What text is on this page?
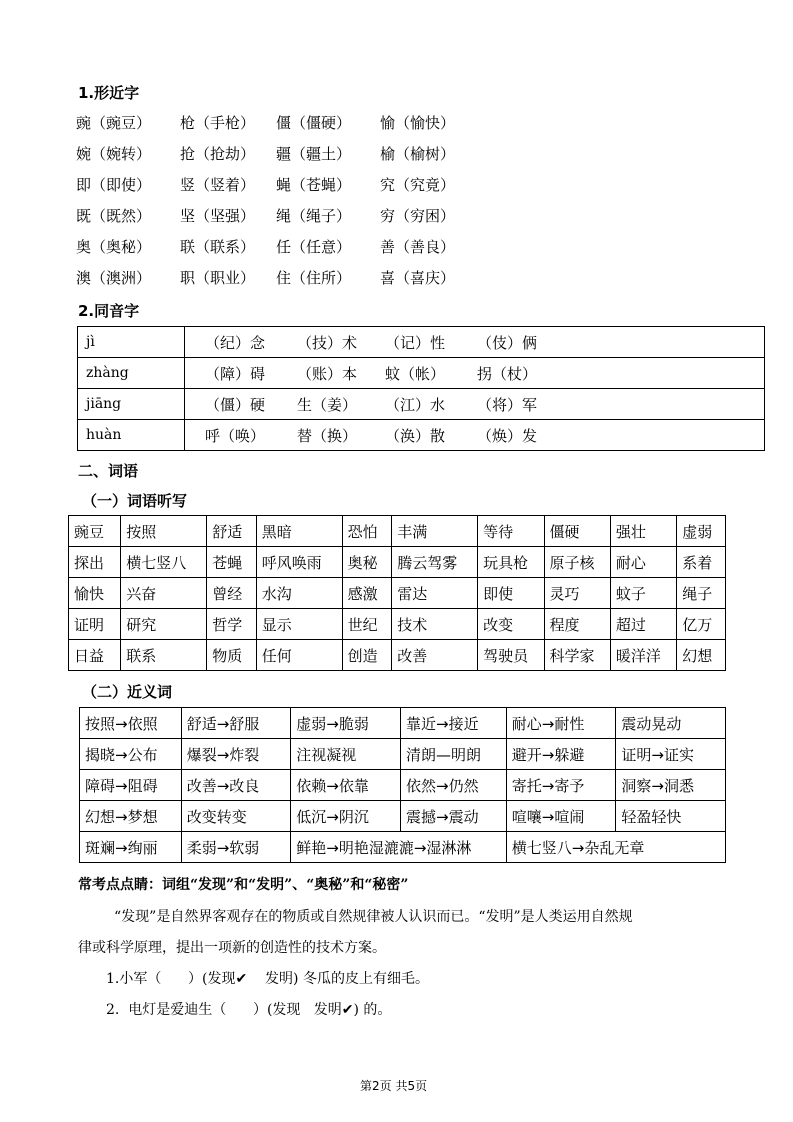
1.形近字
豌（豌豆） 枪（手枪） 僵（僵硬） 愉（愉快）
婉（婉转） 抢（抢劫） 疆（疆土） 榆（榆树）
即（即使） 竖（竖着） 蝇（苍蝇） 究（究竟）
既（既然） 坚（坚强） 绳（绳子） 穷（穷困）
奥（奥秘） 联（联系） 任（任意） 善（善良）
澳（澳洲） 职（职业） 住（住所） 喜（喜庆）
2.同音字
jì	（纪）念 （技）术 （记）性 （伎）俩
zhàng	（障）碍 （账）本 蚊（帐） 拐（杖）
jiāng	（僵）硬 生（姜） （江）水 （将）军
huàn	呼（唤） 替（换） （涣）散 （焕）发
二、词语
（一）词语听写
豌豆	按照	舒适	黑暗	恐怕	丰满	等待	僵硬	强壮	虚弱
探出	横七竖八	苍蝇	呼风唤雨	奥秘	腾云驾雾	玩具枪	原子核	耐心	系着
愉快	兴奋	曾经	水沟	感激	雷达	即使	灵巧	蚊子	绳子
证明	研究	哲学	显示	世纪	技术	改变	程度	超过	亿万
日益	联系	物质	任何	创造	改善	驾驶员	科学家	暖洋洋	幻想
（二）近义词
按照→依照	舒适→舒服	虚弱→脆弱	靠近→接近	耐心→耐性	震动晃动
揭晓→公布	爆裂→炸裂	注视凝视	清朗—明朗	避开→躲避	证明→证实
障碍→阻碍	改善→改良	依赖→依靠	依然→仍然	寄托→寄予	洞察→洞悉
幻想→梦想	改变转变	低沉→阴沉	震撼→震动	喧嚷→喧闹	轻盈轻快
斑斓→绚丽	柔弱→软弱	鲜艳→明艳湿漉漉→湿淋淋		横七竖八→杂乱无章	
常考点点睛：词组“发现”和“发明”、“奥秘”和“秘密”
“发现”是自然界客观存在的物质或自然规律被人认识而已。“发明”是人类运用自然规
律或科学原理，提出一项新的创造性的技术方案。
1.小军（      ）(发现✔    发明) 冬瓜的皮上有细毛。
2.  电灯是爱迪生（      ）(发现   发明✔) 的。
第2页 共5页
